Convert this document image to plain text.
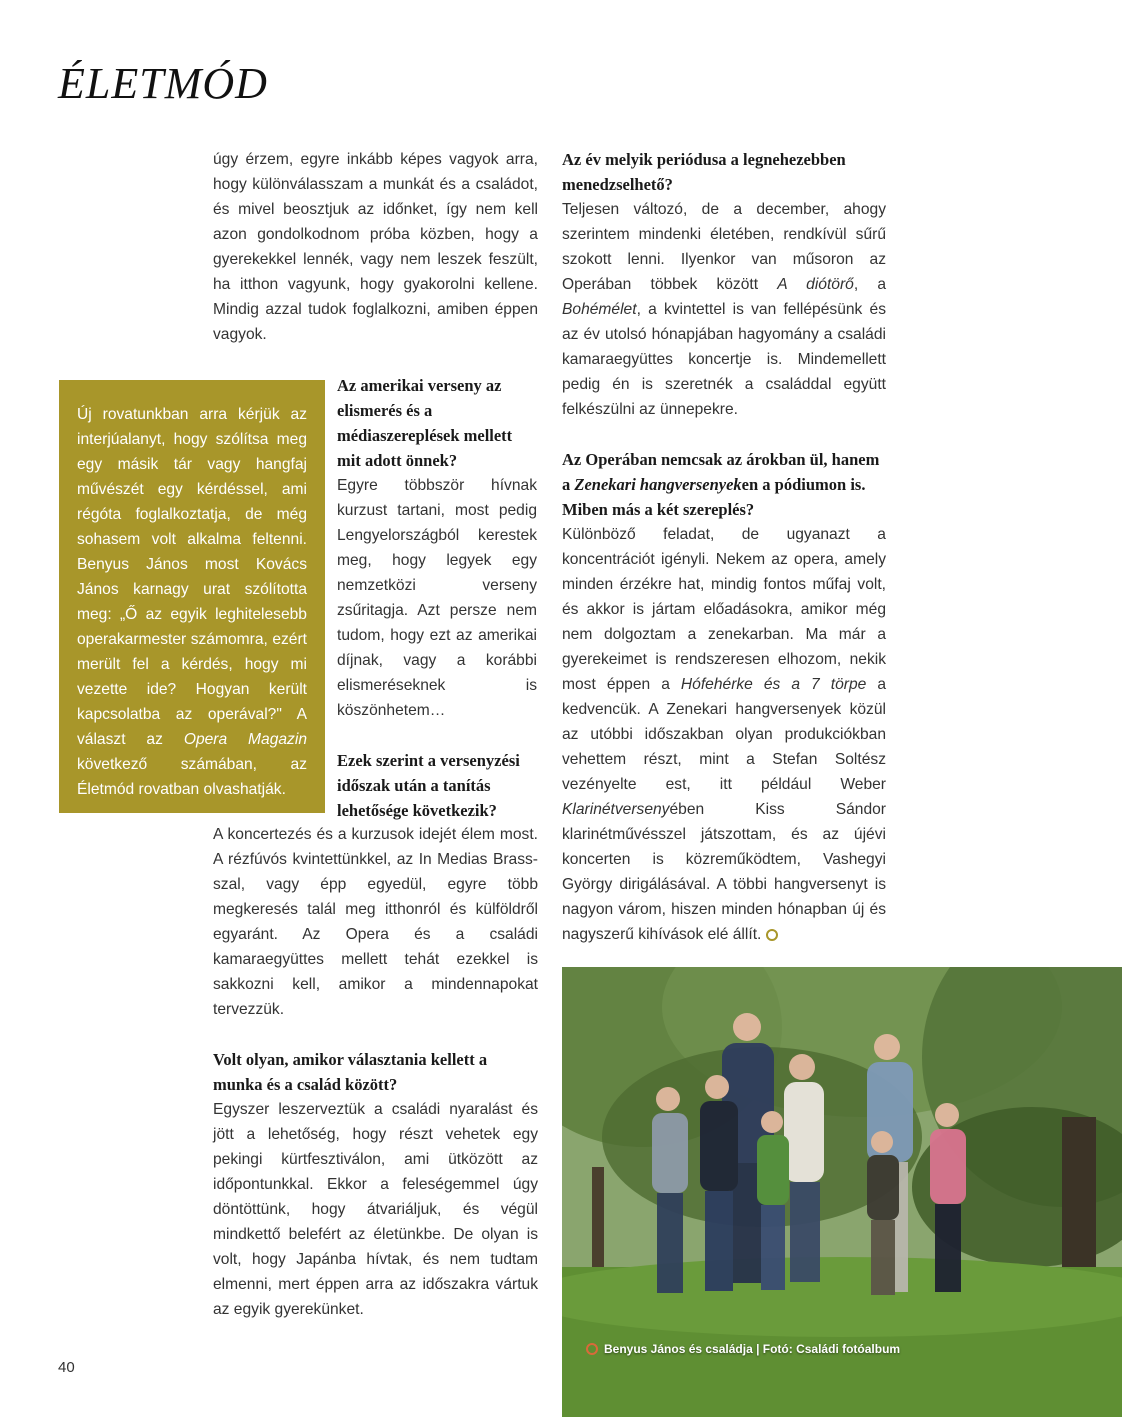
ÉLETMÓD

úgy érzem, egyre inkább képes vagyok arra, hogy különválasszam a munkát és a családot, és mivel beosztjuk az időnket, így nem kell azon gondolkodnom próba közben, hogy a gyerekekkel lennék, vagy nem leszek feszült, ha itthon vagyunk, hogy gyakorolni kellene. Mindig azzal tudok foglalkozni, amiben éppen vagyok.

Új rovatunkban arra kérjük az interjúalanyt, hogy szólítsa meg egy másik tár vagy hangfaj művészét egy kérdéssel, ami régóta foglalkoztatja, de még sohasem volt alkalma feltenni. Benyus János most Kovács János karnagy urat szólította meg: „Ő az egyik leghitelesebb operakarmester számomra, ezért merült fel a kérdés, hogy mi vezette ide? Hogyan került kapcsolatba az operával?" A választ az Opera Magazin következő számában, az Életmód rovatban olvashatják.

Az amerikai verseny az elismerés és a médiaszereplések mellett mit adott önnek?

Egyre többször hívnak kurzust tartani, most pedig Lengyelországból kerestek meg, hogy legyek egy nemzetközi verseny zsűritagja. Azt persze nem tudom, hogy ezt az amerikai díjnak, vagy a korábbi elismeréseknek is köszönhetem…

Ezek szerint a versenyzési időszak után a tanítás lehetősége következik?

A koncertezés és a kurzusok idejét élem most. A rézfúvós kvintettünkkel, az In Medias Brass-szal, vagy épp egyedül, egyre több megkeresés talál meg itthonról és külföldről egyaránt. Az Opera és a családi kamaraegyüttes mellett tehát ezekkel is sakkozni kell, amikor a mindennapokat tervezzük.

Volt olyan, amikor választania kellett a munka és a család között?

Egyszer leszerveztük a családi nyaralást és jött a lehetőség, hogy részt vehetek egy pekingi kürtfesztiválon, ami ütközött az időpontunkkal. Ekkor a feleségemmel úgy döntöttünk, hogy átvariáljuk, és végül mindkettő belefért az életünkbe. De olyan is volt, hogy Japánba hívtak, és nem tudtam elmenni, mert éppen arra az időszakra vártuk az egyik gyerekünket.

Az év melyik periódusa a legnehezebben menedzselhető?

Teljesen változó, de a december, ahogy szerintem mindenki életében, rendkívül sűrű szokott lenni. Ilyenkor van műsoron az Operában többek között A diótörő, a Bohémélet, a kvintettel is van fellépésünk és az év utolsó hónapjában hagyomány a családi kamaraegyüttes koncertje is. Mindemellett pedig én is szeretnék a családdal együtt felkészülni az ünnepekre.

Az Operában nemcsak az árokban ül, hanem a Zenekari hangversenyeken a pódiumon is. Miben más a két szereplés?

Különböző feladat, de ugyanazt a koncentrációt igényli. Nekem az opera, amely minden érzékre hat, mindig fontos műfaj volt, és akkor is jártam előadásokra, amikor még nem dolgoztam a zenekarban. Ma már a gyerekeimet is rendszeresen elhozom, nekik most éppen a Hófehérke és a 7 törpe a kedvencük. A Zenekari hangversenyek közül az utóbbi időszakban olyan produkciókban vehettem részt, mint a Stefan Soltész vezényelte est, itt például Weber Klarinétversenyében Kiss Sándor klarinétművésszel játszottam, és az újévi koncerten is közreműködtem, Vashegyi György dirigálásával. A többi hangversenyt is nagyon várom, hiszen minden hónapban új és nagyszerű kihívások elé állít.

Benyus János és családja | Fotó: Családi fotóalbum
40
